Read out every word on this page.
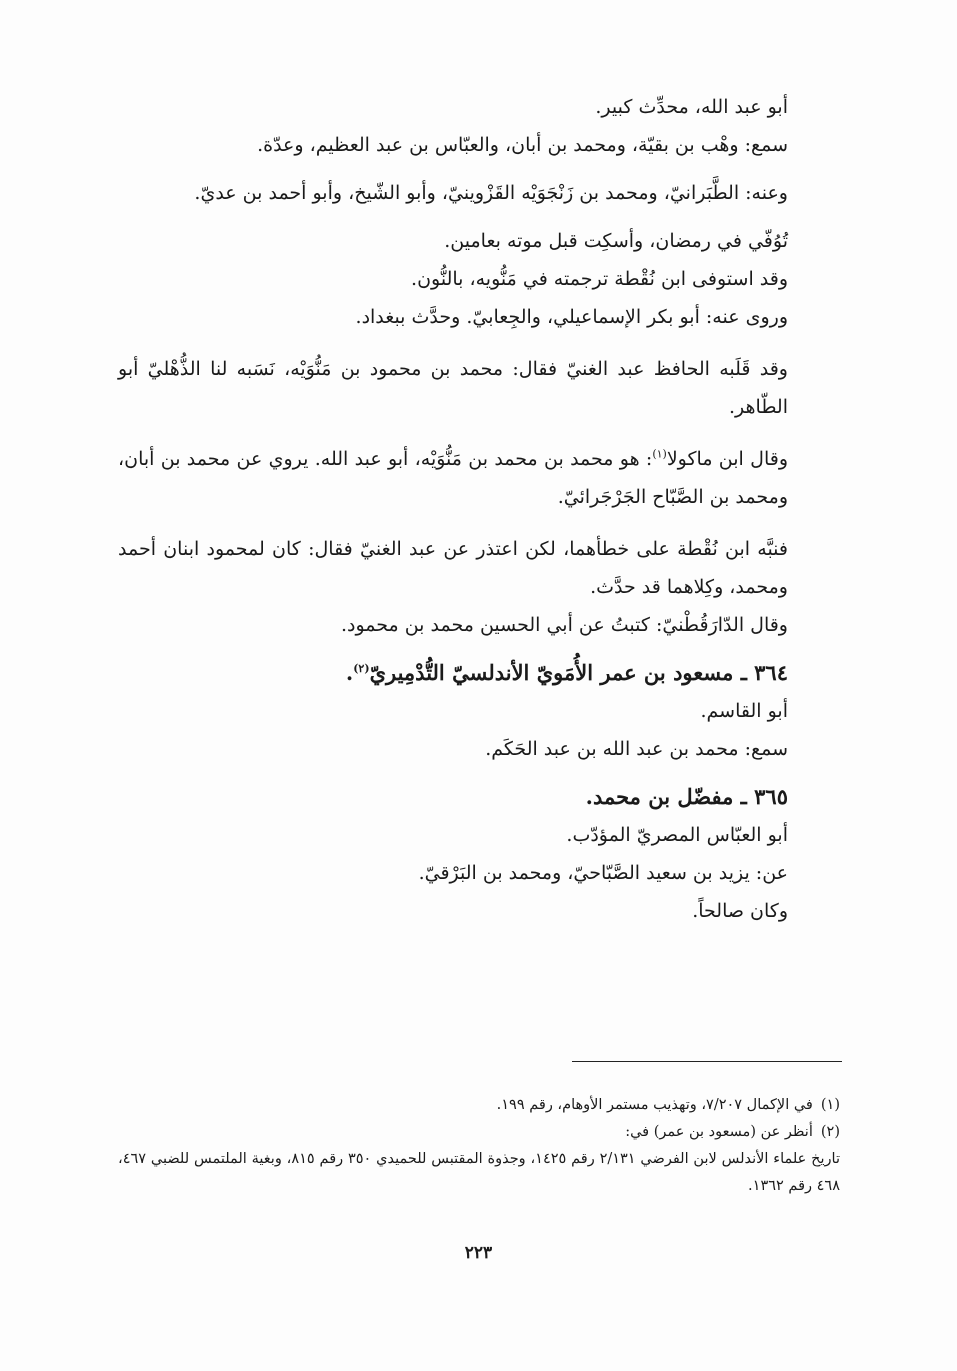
أبو عبد الله، محدِّث كبير.

سمع: وهْب بن بقيّة، ومحمد بن أبان، والعبّاس بن عبد العظيم، وعدّة.

وعنه: الطَّبَرانيّ، ومحمد بن زَنْجَوَيْه القَزْوينيّ، وأبو الشّيخ، وأبو أحمد بن عديّ.

تُوُفّي في رمضان، وأسكِت قبل موته بعامين.

وقد استوفى ابن نُقْطة ترجمته في مَنُّويه، بالنُّون.

وروى عنه: أبو بكر الإسماعيلي، والجِعابيّ. وحدَّث ببغداد.

وقد قَلَبه الحافظ عبد الغنيّ فقال: محمد بن محمود بن مَنُّوَيْه، نَسَبه لنا الذُّهْليّ أبو الطّاهر.

وقال ابن ماكولا$^{(١)}$: هو محمد بن محمد بن مَنُّوَيْه، أبو عبد الله. يروي عن محمد بن أبان، ومحمد بن الصَّبّاح الجَرْجَرائيّ.

فنبَّه ابن نُقْطة على خطأهما، لكن اعتذر عن عبد الغنيّ فقال: كان لمحمود ابنان أحمد ومحمد، وكِلاهما قد حدَّث.

وقال الدّارَقُطْنيّ: كتبتُ عن أبي الحسين محمد بن محمود.

٣٦٤ ـ مسعود بن عمر الأُمَويّ الأندلسيّ التُّدْمِيريّ$^{(٢)}$.

أبو القاسم.

سمع: محمد بن عبد الله بن عبد الحَكَم.

٣٦٥ ـ مفضّل بن محمد.

أبو العبّاس المصريّ المؤدّب.

عن: يزيد بن سعيد الصَّبّاحيّ، ومحمد بن البَرْقيّ.

وكان صالحاً.

(١)في الإكمال ٧/٢٠٧، وتهذيب مستمر الأوهام، رقم ١٩٩.

(٢)أنظر عن (مسعود بن عمر) في:

تاريخ علماء الأندلس لابن الفرضي ٢/١٣١ رقم ١٤٢٥، وجذوة المقتبس للحميدي ٣٥٠ رقم ٨١٥، وبغية الملتمس للضبي ٤٦٧، ٤٦٨ رقم ١٣٦٢.

٢٢٣
